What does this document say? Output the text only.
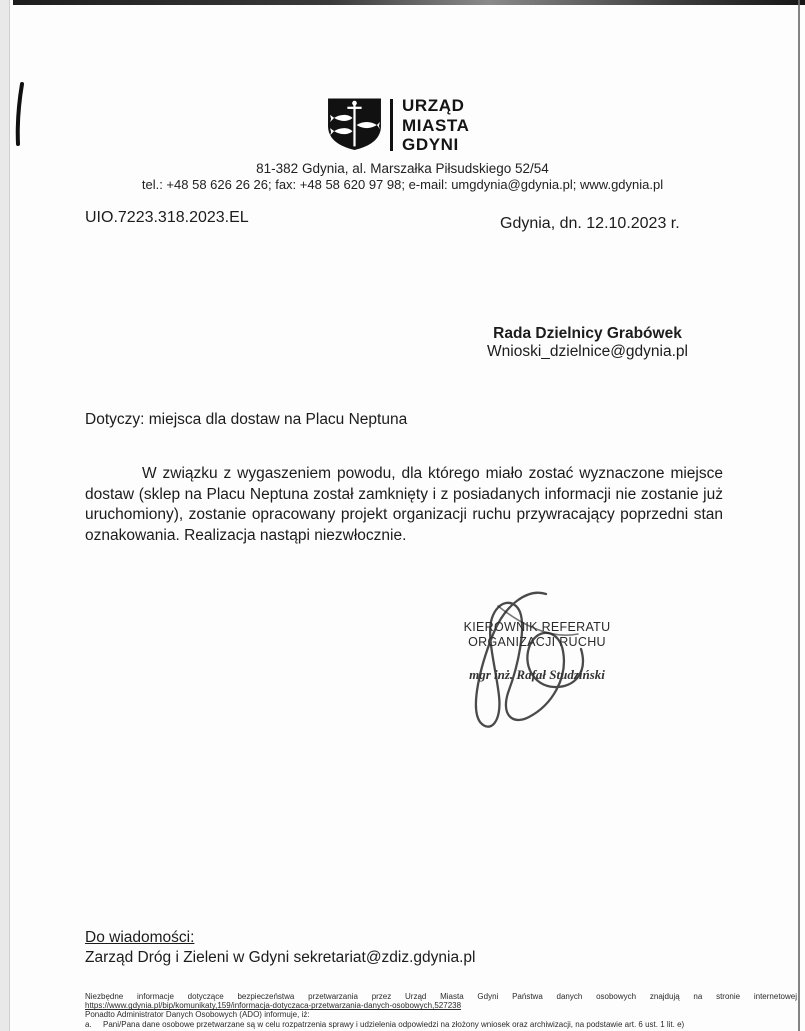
URZĄD
MIASTA
GDYNI
81-382 Gdynia, al. Marszałka Piłsudskiego 52/54
tel.: +48 58 626 26 26; fax: +48 58 620 97 98; e-mail: umgdynia@gdynia.pl; www.gdynia.pl
UIO.7223.318.2023.EL	Gdynia, dn. 12.10.2023 r.
Rada Dzielnicy Grabówek
Wnioski_dzielnice@gdynia.pl
Dotyczy: miejsca dla dostaw na Placu Neptuna
W związku z wygaszeniem powodu, dla którego miało zostać wyznaczone miejsce dostaw (sklep na Placu Neptuna został zamknięty i z posiadanych informacji nie zostanie już uruchomiony), zostanie opracowany projekt organizacji ruchu przywracający poprzedni stan oznakowania. Realizacja nastąpi niezwłocznie.
KIEROWNIK REFERATU
ORGANIZACJI RUCHU
mgr inż. Rafał Studziński
Do wiadomości:
Zarząd Dróg i Zieleni w Gdyni sekretariat@zdiz.gdynia.pl
Niezbędne informacje dotyczące bezpieczeństwa przetwarzania przez Urząd Miasta Gdyni Państwa danych osobowych znajdują na stronie internetowej
https://www.gdynia.pl/bip/komunikaty,159/informacja-dotyczaca-przetwarzania-danych-osobowych,527238
Ponadto Administrator Danych Osobowych (ADO) informuje, iż:
a.	Pani/Pana dane osobowe przetwarzane są w celu rozpatrzenia sprawy i udzielenia odpowiedzi na złożony wniosek oraz archiwizacji, na podstawie art. 6 ust. 1 lit. e)
